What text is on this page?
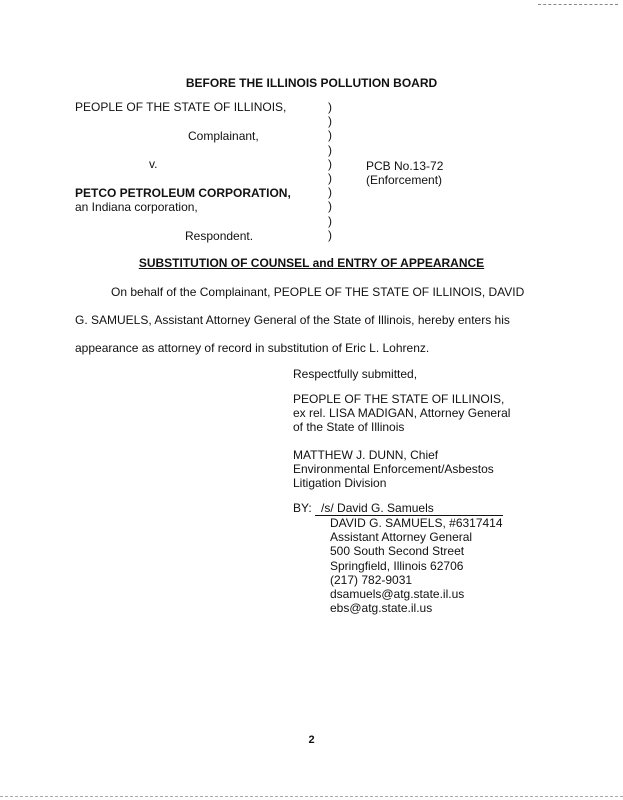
BEFORE THE ILLINOIS POLLUTION BOARD
PEOPLE OF THE STATE OF ILLINOIS,
Complainant,
v.
PETCO PETROLEUM CORPORATION,
an Indiana corporation,
Respondent.
)
)
)
)
)
)
)
)
)
)
PCB No.13-72
(Enforcement)
SUBSTITUTION OF COUNSEL and ENTRY OF APPEARANCE
On behalf of the Complainant, PEOPLE OF THE STATE OF ILLINOIS, DAVID
G. SAMUELS, Assistant Attorney General of the State of Illinois, hereby enters his
appearance as attorney of record in substitution of Eric L. Lohrenz.
Respectfully submitted,
PEOPLE OF THE STATE OF ILLINOIS,
ex rel. LISA MADIGAN, Attorney General
of the State of Illinois
MATTHEW J. DUNN, Chief
Environmental Enforcement/Asbestos
Litigation Division
BY: /s/ David G. Samuels
DAVID G. SAMUELS, #6317414
Assistant Attorney General
500 South Second Street
Springfield, Illinois 62706
(217) 782-9031
dsamuels@atg.state.il.us
ebs@atg.state.il.us
2
